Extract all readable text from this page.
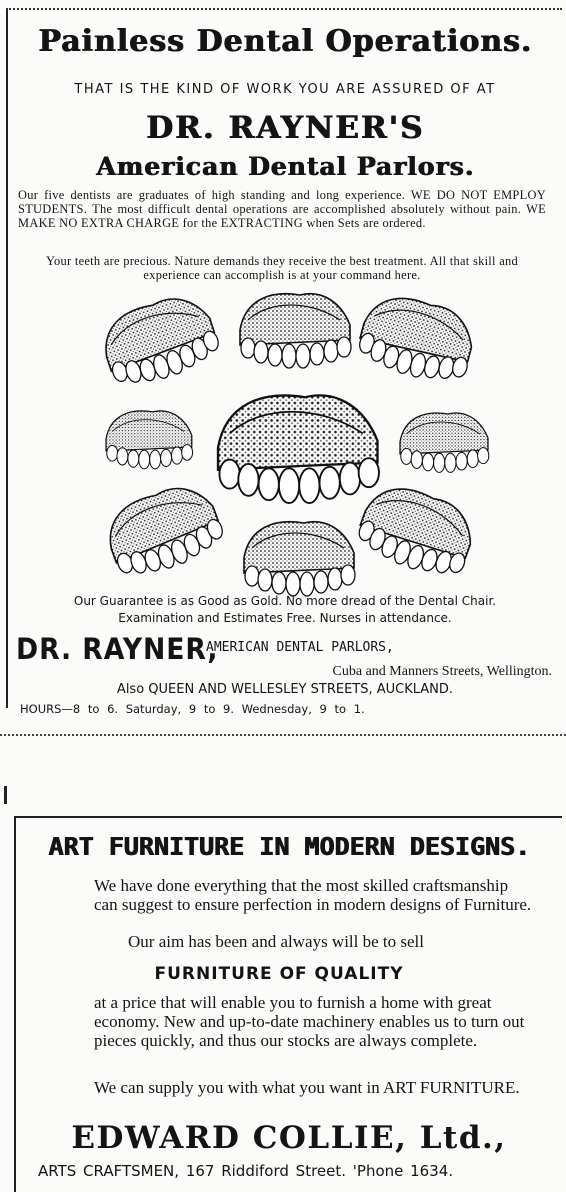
Painless Dental Operations.
THAT IS THE KIND OF WORK YOU ARE ASSURED OF AT
DR. RAYNER'S
American Dental Parlors.
Our five dentists are graduates of high standing and long experience. WE DO NOT EMPLOY STUDENTS. The most difficult dental operations are accomplished absolutely without pain. WE MAKE NO EXTRA CHARGE for the EXTRACTING when Sets are ordered.
Your teeth are precious. Nature demands they receive the best treatment. All that skill and experience can accomplish is at your command here.
Our Guarantee is as Good as Gold. No more dread of the Dental Chair.
Examination and Estimates Free. Nurses in attendance.
DR. RAYNER,
AMERICAN DENTAL PARLORS,
Cuba and Manners Streets, Wellington.
Also QUEEN AND WELLESLEY STREETS, AUCKLAND.
HOURS—8 to 6. Saturday, 9 to 9. Wednesday, 9 to 1.
ART FURNITURE IN MODERN DESIGNS.
We have done everything that the most skilled craftsmanship can suggest to ensure perfection in modern designs of Furniture.
Our aim has been and always will be to sell
FURNITURE OF QUALITY
at a price that will enable you to furnish a home with great economy. New and up-to-date machinery enables us to turn out pieces quickly, and thus our stocks are always complete.
We can supply you with what you want in ART FURNITURE.
EDWARD COLLIE, Ltd.,
ARTS CRAFTSMEN, 167 Riddiford Street. 'Phone 1634.
